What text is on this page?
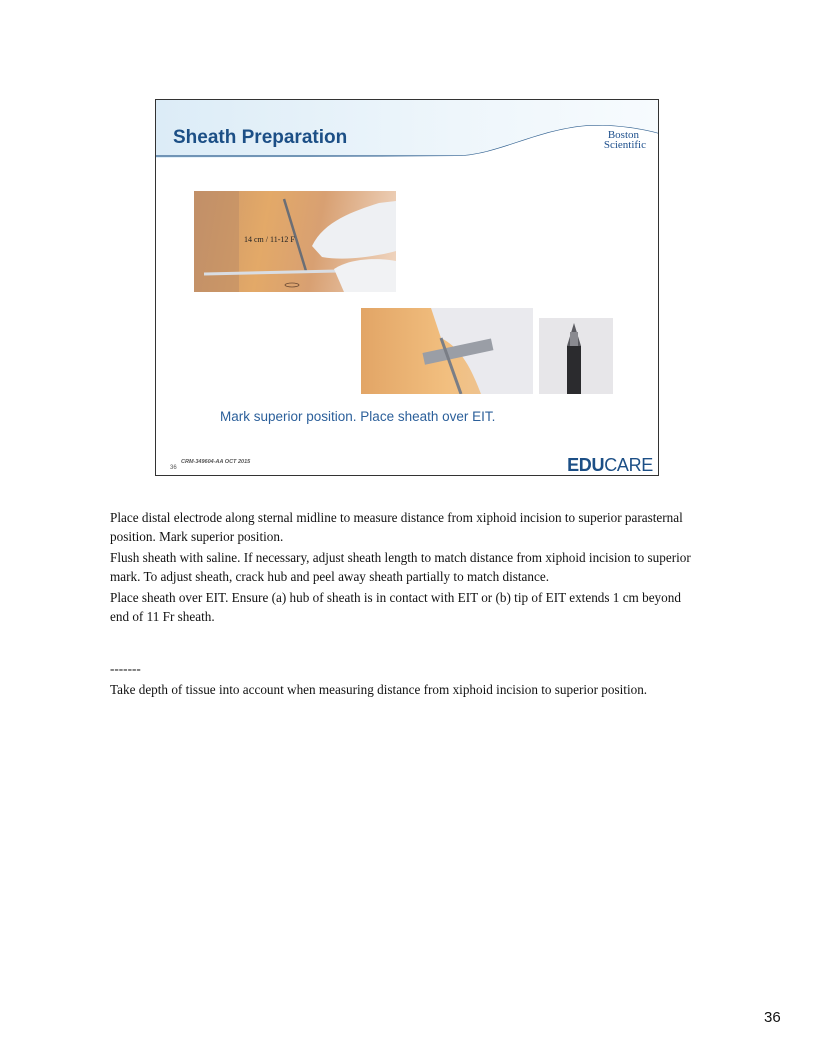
Sheath Preparation	Boston
Scientific
14 cm / 11-12 F

Mark superior position. Place sheath over EIT.

CRM-349604-AA OCT 2015
36	EDUCARE

Place distal electrode along sternal midline to measure distance from xiphoid incision to superior parasternal position. Mark superior position.

Flush sheath with saline. If necessary, adjust sheath length to match distance from xiphoid incision to superior mark. To adjust sheath, crack hub and peel away sheath partially to match distance.

Place sheath over EIT. Ensure (a) hub of sheath is in contact with EIT or (b) tip of EIT extends 1 cm beyond end of 11 Fr sheath.

-------

Take depth of tissue into account when measuring distance from xiphoid incision to superior position.

36
